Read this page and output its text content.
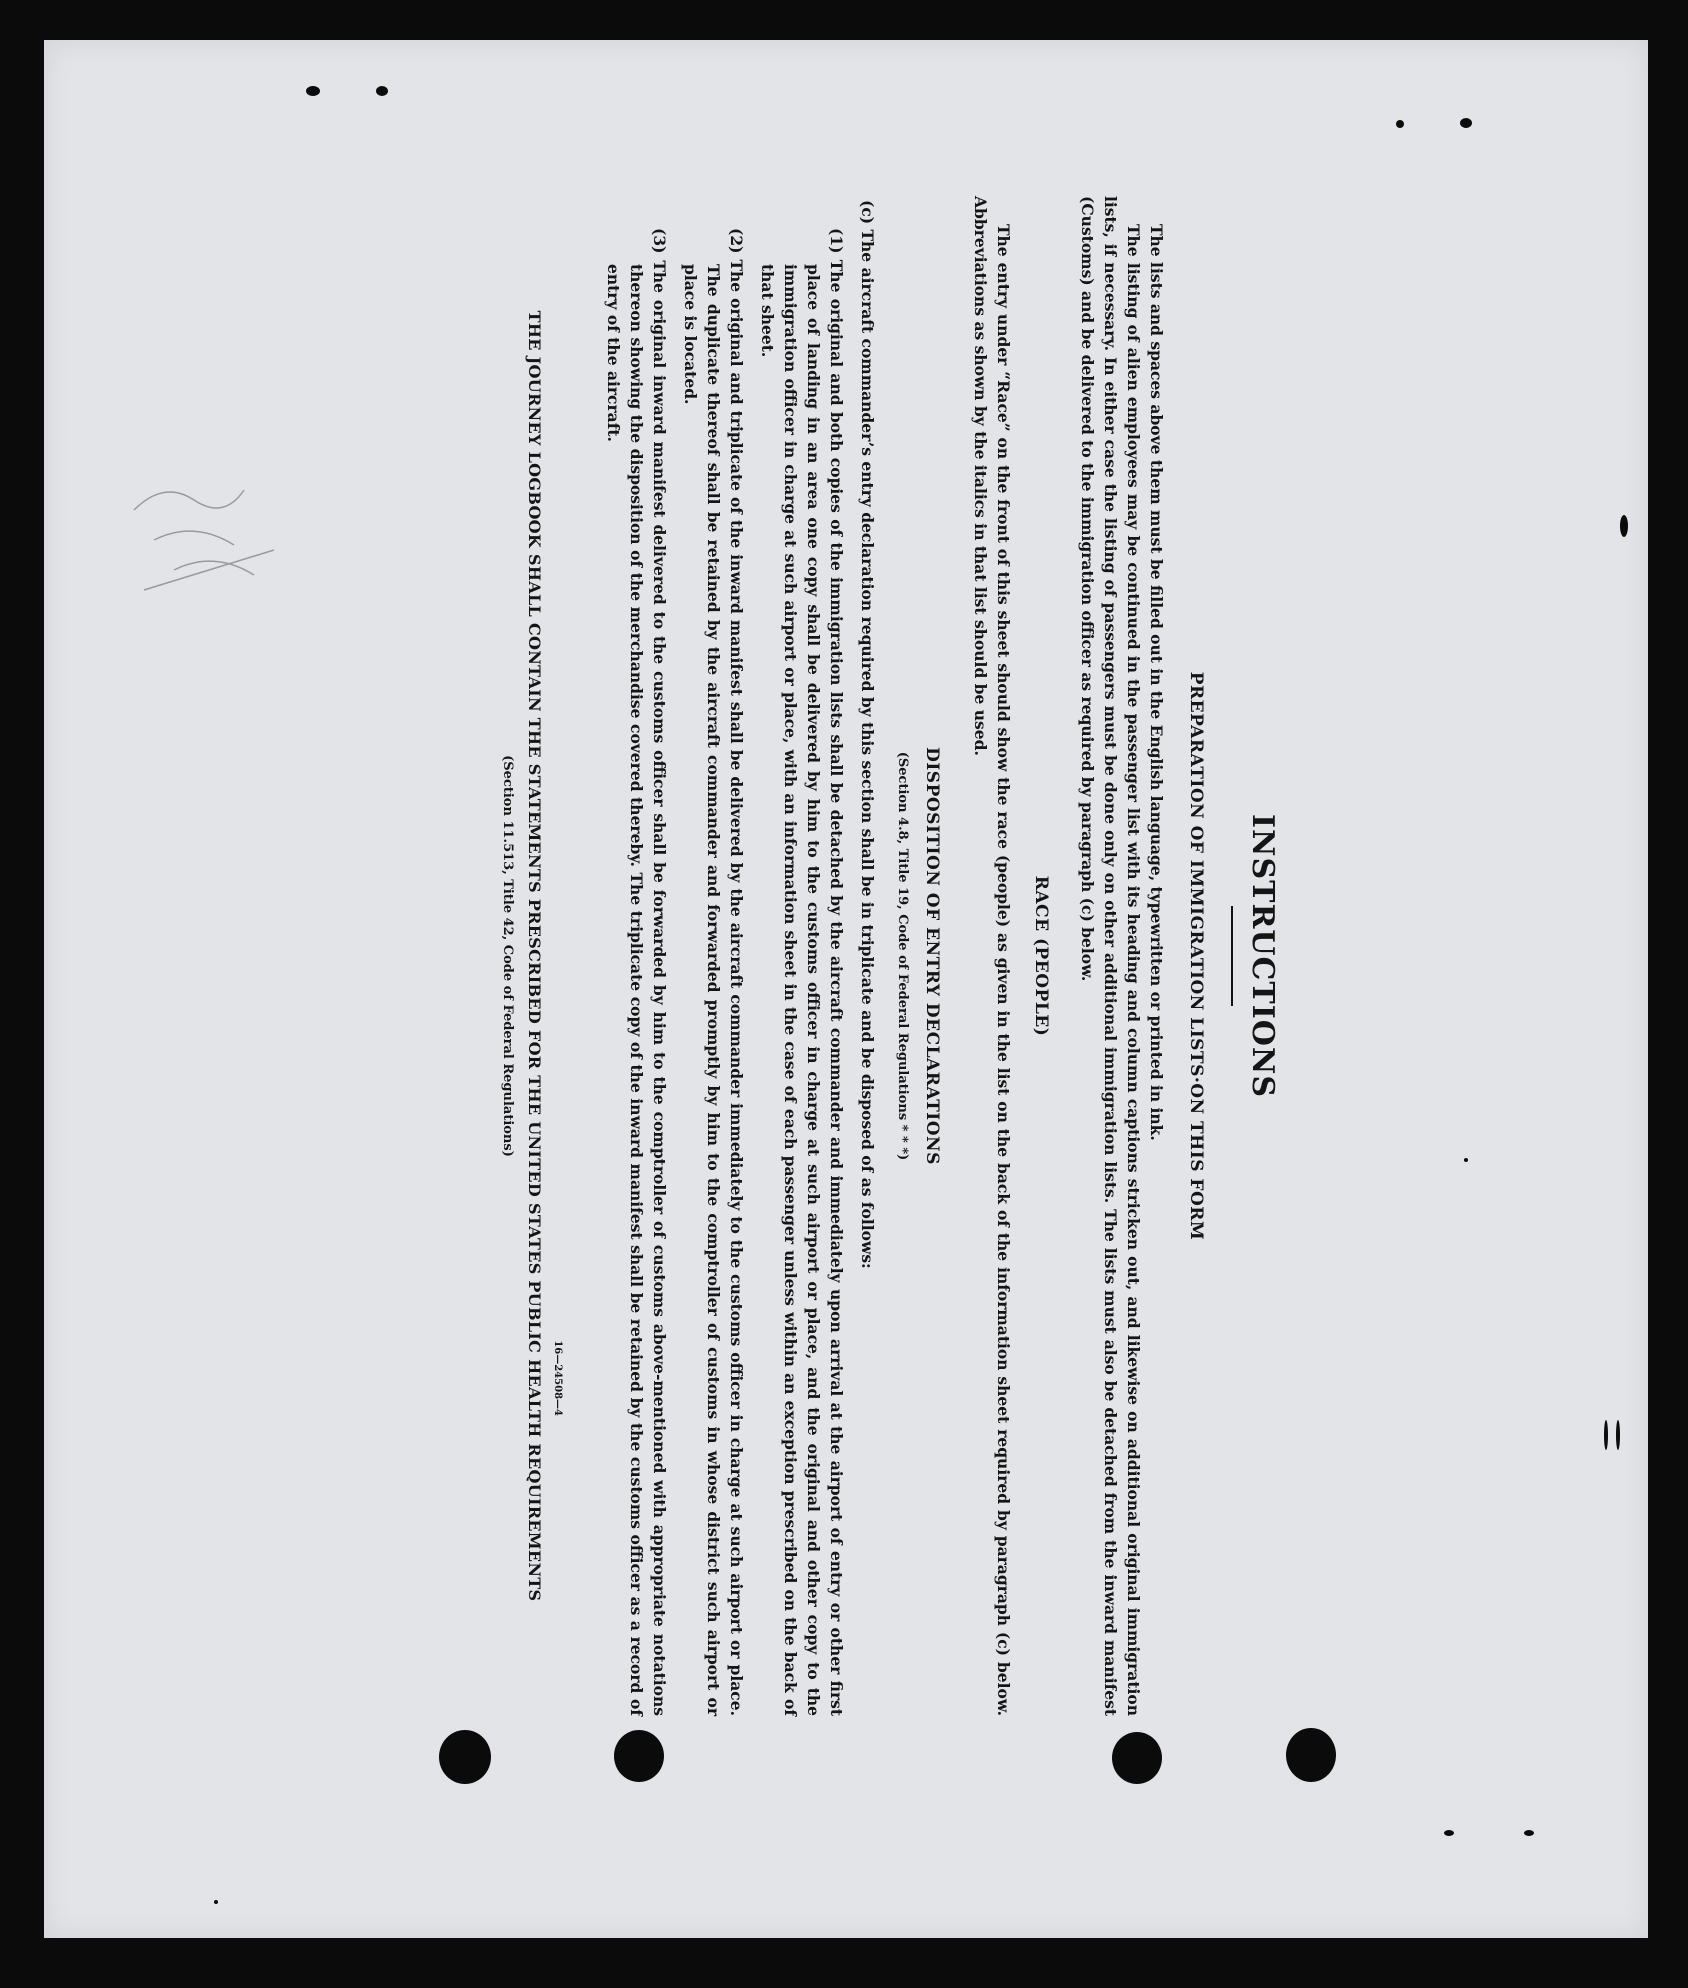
INSTRUCTIONS
PREPARATION OF IMMIGRATION LISTS·ON THIS FORM

The lists and spaces above them must be filled out in the English language, typewritten or printed in ink.

The listing of alien employees may be continued in the passenger list with its heading and column captions stricken out, and likewise on additional original immigration lists, if necessary. In either case the listing of passengers must be done only on other additional immigration lists. The lists must also be detached from the inward manifest (Customs) and be delivered to the immigration officer as required by paragraph (c) below.

RACE (PEOPLE)

The entry under “Race” on the front of this sheet should show the race (people) as given in the list on the back of the information sheet required by paragraph (c) below. Abbreviations as shown by the italics in that list should be used.

DISPOSITION OF ENTRY DECLARATIONS
(Section 4.8, Title 19, Code of Federal Regulations * * *)

(c) The aircraft commander’s entry declaration required by this section shall be in triplicate and be disposed of as follows:

(1) The original and both copies of the immigration lists shall be detached by the aircraft commander and immediately upon arrival at the airport of entry or other first place of landing in an area one copy shall be delivered by him to the customs officer in charge at such airport or place, and the original and other copy to the immigration officer in charge at such airport or place, with an information sheet in the case of each passenger unless within an exception prescribed on the back of that sheet.

(2) The original and triplicate of the inward manifest shall be delivered by the aircraft commander immediately to the customs officer in charge at such airport or place. The duplicate thereof shall be retained by the aircraft commander and forwarded promptly by him to the comptroller of customs in whose district such airport or place is located.

(3) The original inward manifest delivered to the customs officer shall be forwarded by him to the comptroller of customs above-mentioned with appropriate notations thereon showing the disposition of the merchandise covered thereby. The triplicate copy of the inward manifest shall be retained by the customs officer as a record of entry of the aircraft.

16—24508—4
THE JOURNEY LOGBOOK SHALL CONTAIN THE STATEMENTS PRESCRIBED FOR THE UNITED STATES PUBLIC HEALTH REQUIREMENTS
(Section 11.513, Title 42, Code of Federal Regulations)
